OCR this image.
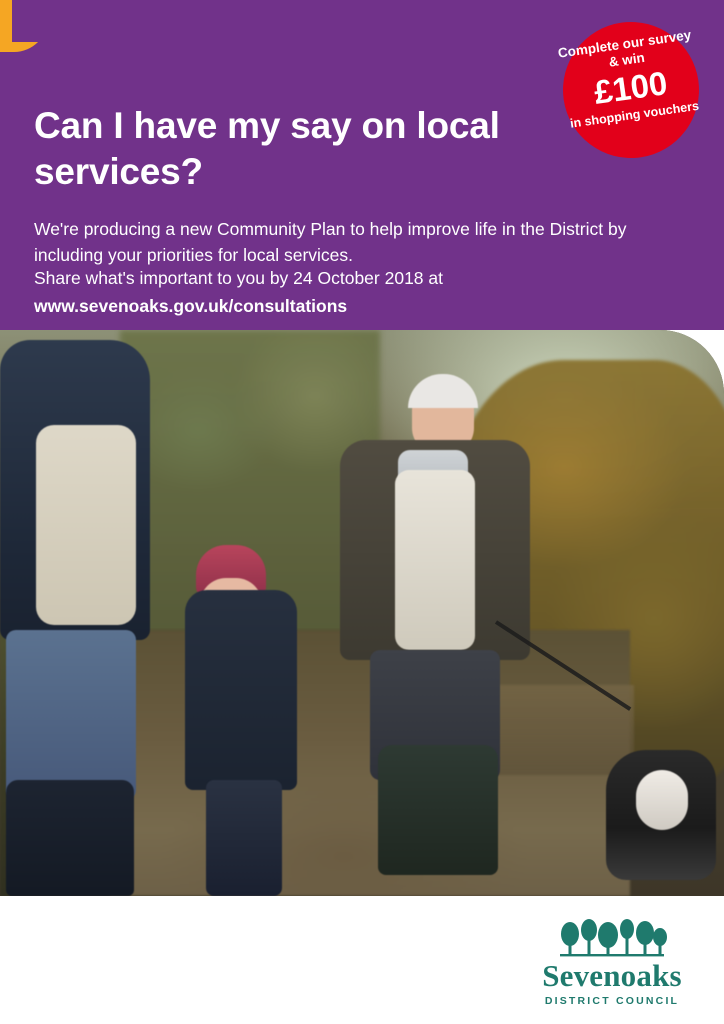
Can I have my say on local services?

We're producing a new Community Plan to help improve life in the District by including your priorities for local services.

Share what's important to you by 24 October 2018 at
www.sevenoaks.gov.uk/consultations
Complete our survey & win
£100
in shopping vouchers
Sevenoaks
DISTRICT COUNCIL
